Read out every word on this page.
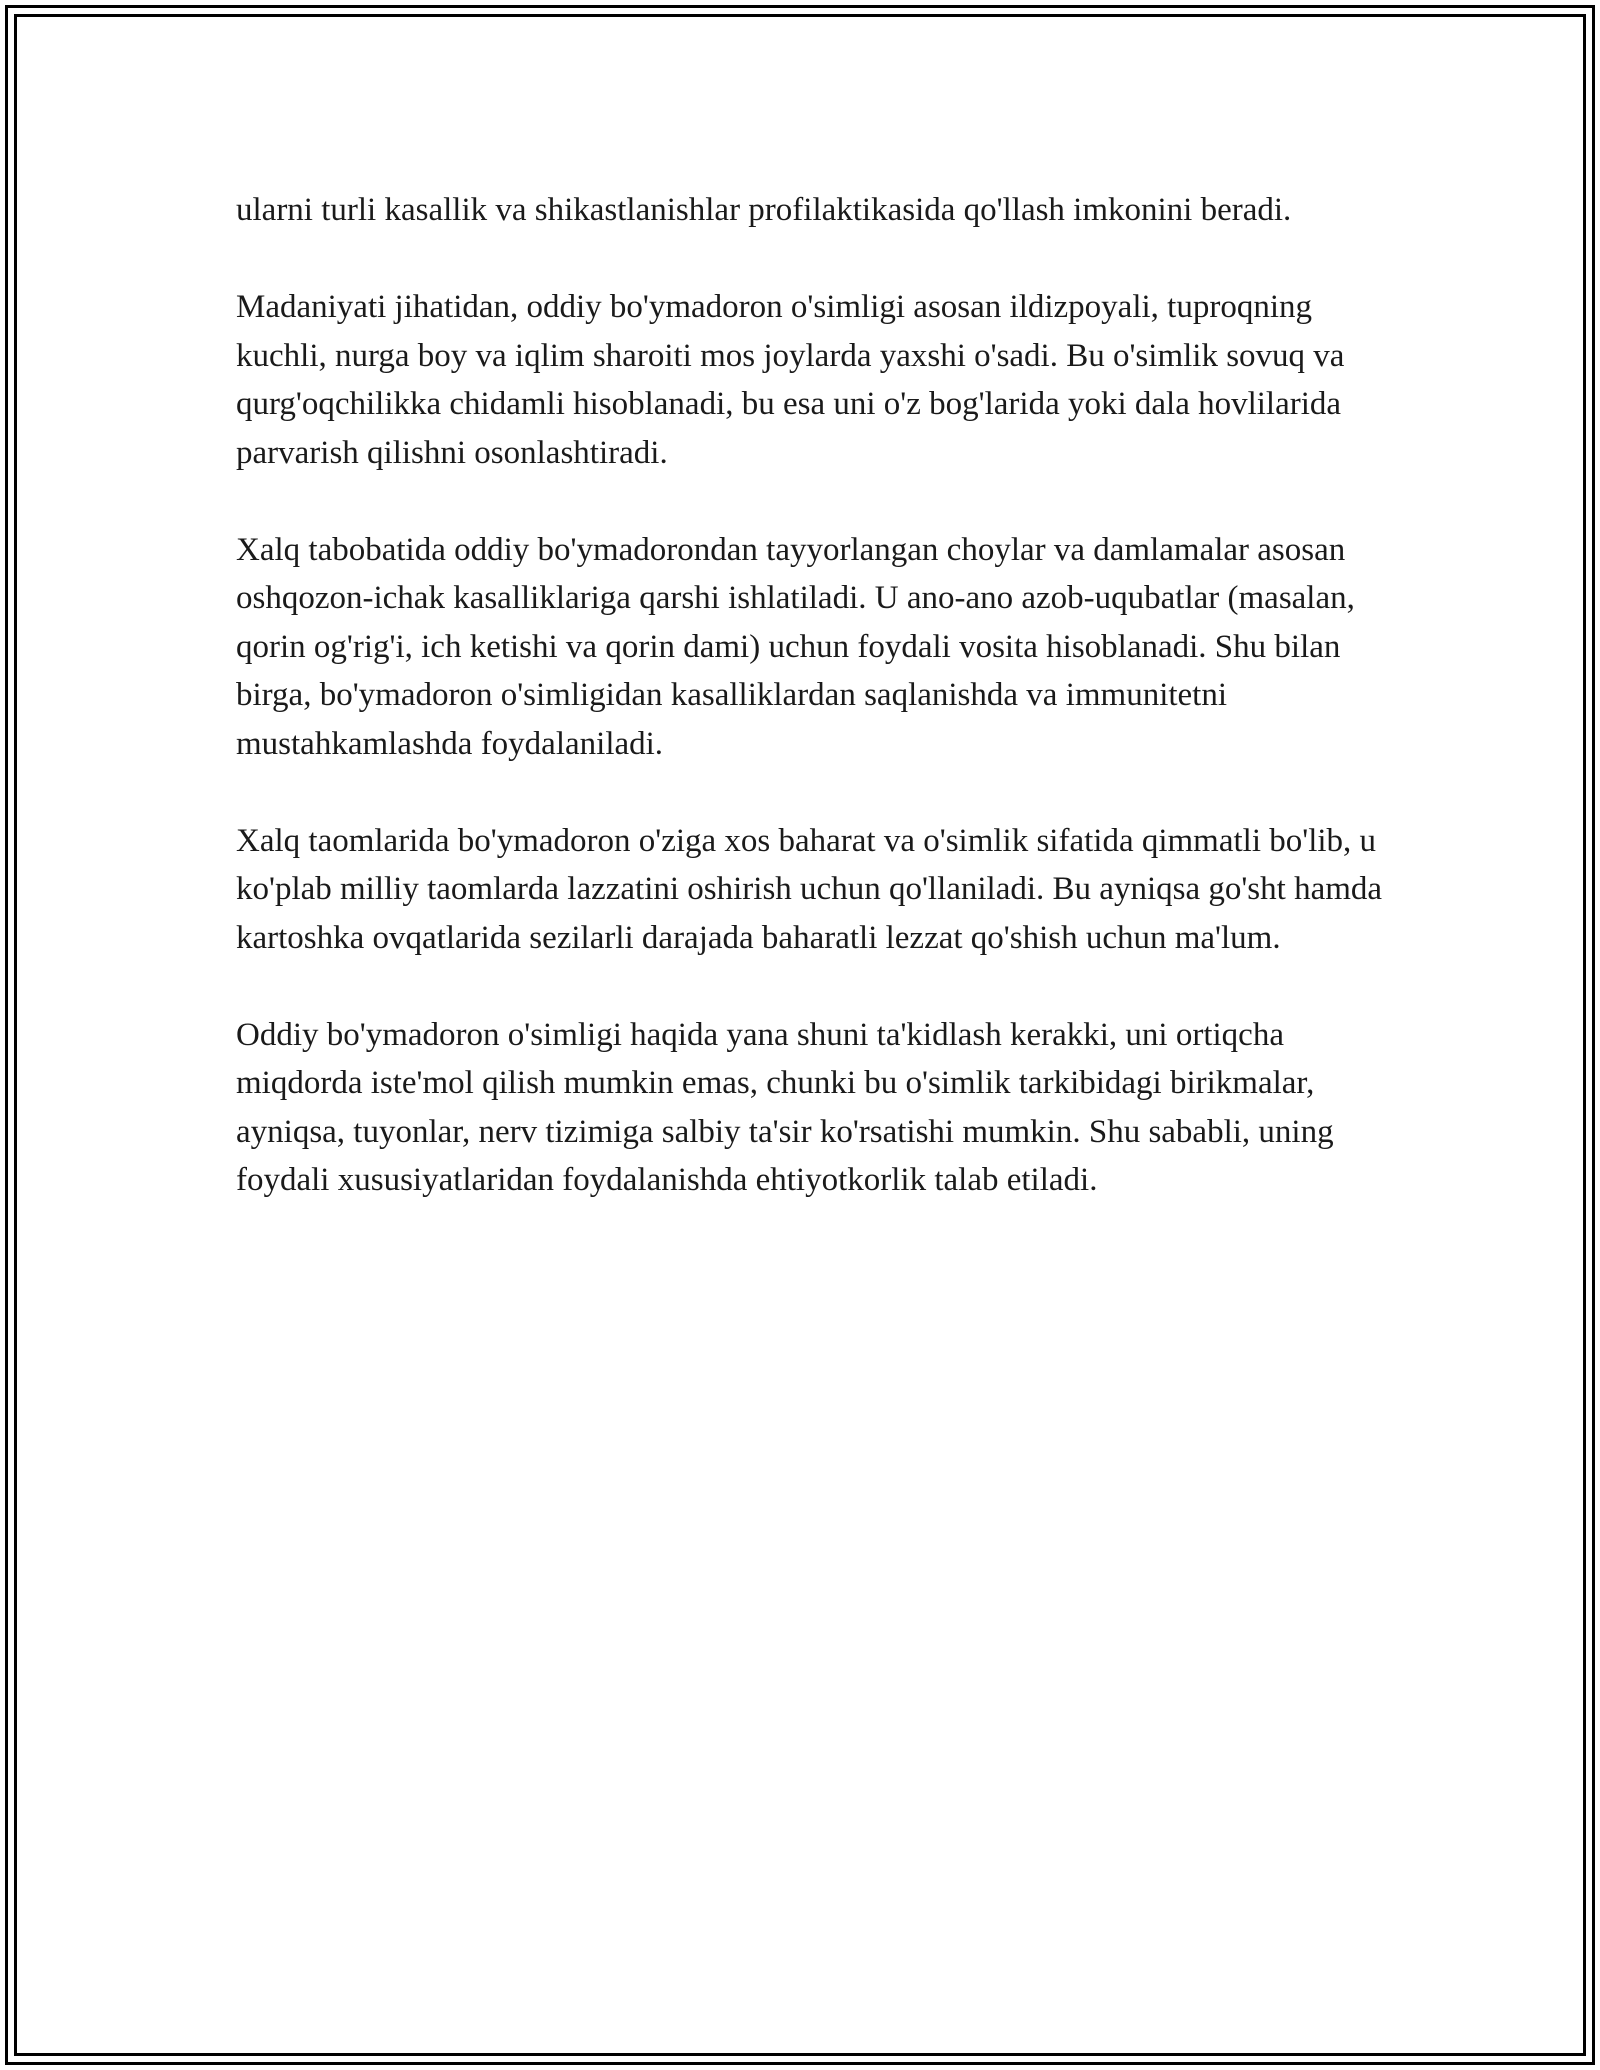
ularni turli kasallik va shikastlanishlar profilaktikasida qo'llash imkonini beradi.

Madaniyati jihatidan, oddiy bo'ymadoron o'simligi asosan ildizpoyali, tuproqning kuchli, nurga boy va iqlim sharoiti mos joylarda yaxshi o'sadi. Bu o'simlik sovuq va qurg'oqchilikka chidamli hisoblanadi, bu esa uni o'z bog'larida yoki dala hovlilarida parvarish qilishni osonlashtiradi.

Xalq tabobatida oddiy bo'ymadorondan tayyorlangan choylar va damlamalar asosan oshqozon-ichak kasalliklariga qarshi ishlatiladi. U ano-ano azob-uqubatlar (masalan, qorin og'rig'i, ich ketishi va qorin dami) uchun foydali vosita hisoblanadi. Shu bilan birga, bo'ymadoron o'simligidan kasalliklardan saqlanishda va immunitetni mustahkamlashda foydalaniladi.

Xalq taomlarida bo'ymadoron o'ziga xos baharat va o'simlik sifatida qimmatli bo'lib, u ko'plab milliy taomlarda lazzatini oshirish uchun qo'llaniladi. Bu ayniqsa go'sht hamda kartoshka ovqatlarida sezilarli darajada baharatli lezzat qo'shish uchun ma'lum.

Oddiy bo'ymadoron o'simligi haqida yana shuni ta'kidlash kerakki, uni ortiqcha miqdorda iste'mol qilish mumkin emas, chunki bu o'simlik tarkibidagi birikmalar, ayniqsa, tuyonlar, nerv tizimiga salbiy ta'sir ko'rsatishi mumkin. Shu sababli, uning foydali xususiyatlaridan foydalanishda ehtiyotkorlik talab etiladi.
